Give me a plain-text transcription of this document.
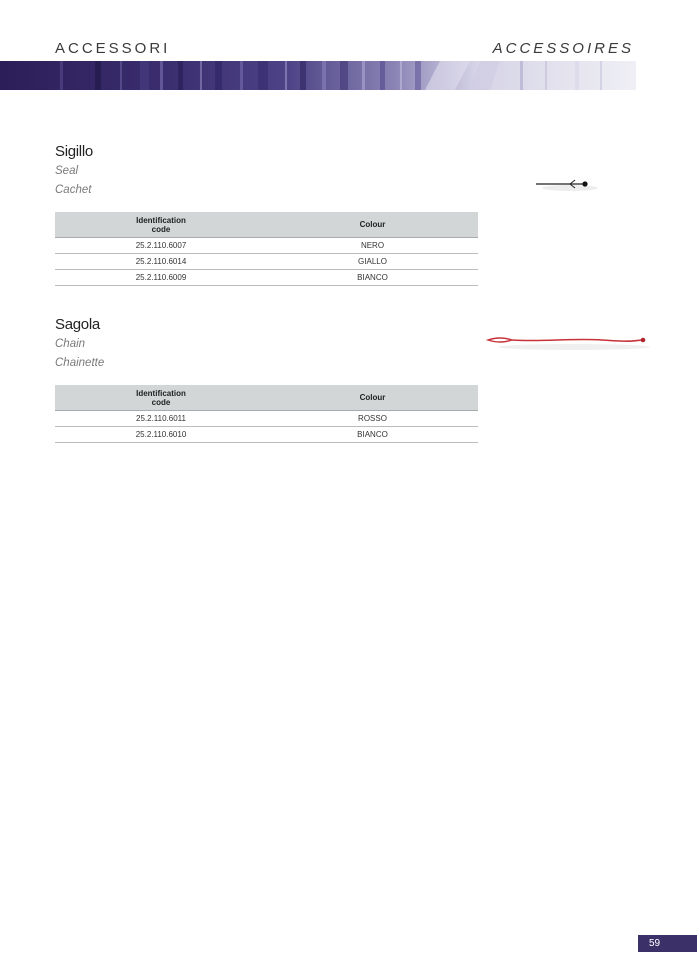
ACCESSORI	ACCESSOIRES
Sigillo
Seal
Cachet
Identification code	Colour
25.2.110.6007	NERO
25.2.110.6014	GIALLO
25.2.110.6009	BIANCO
Sagola
Chain
Chainette
Identification code	Colour
25.2.110.6011	ROSSO
25.2.110.6010	BIANCO
59
